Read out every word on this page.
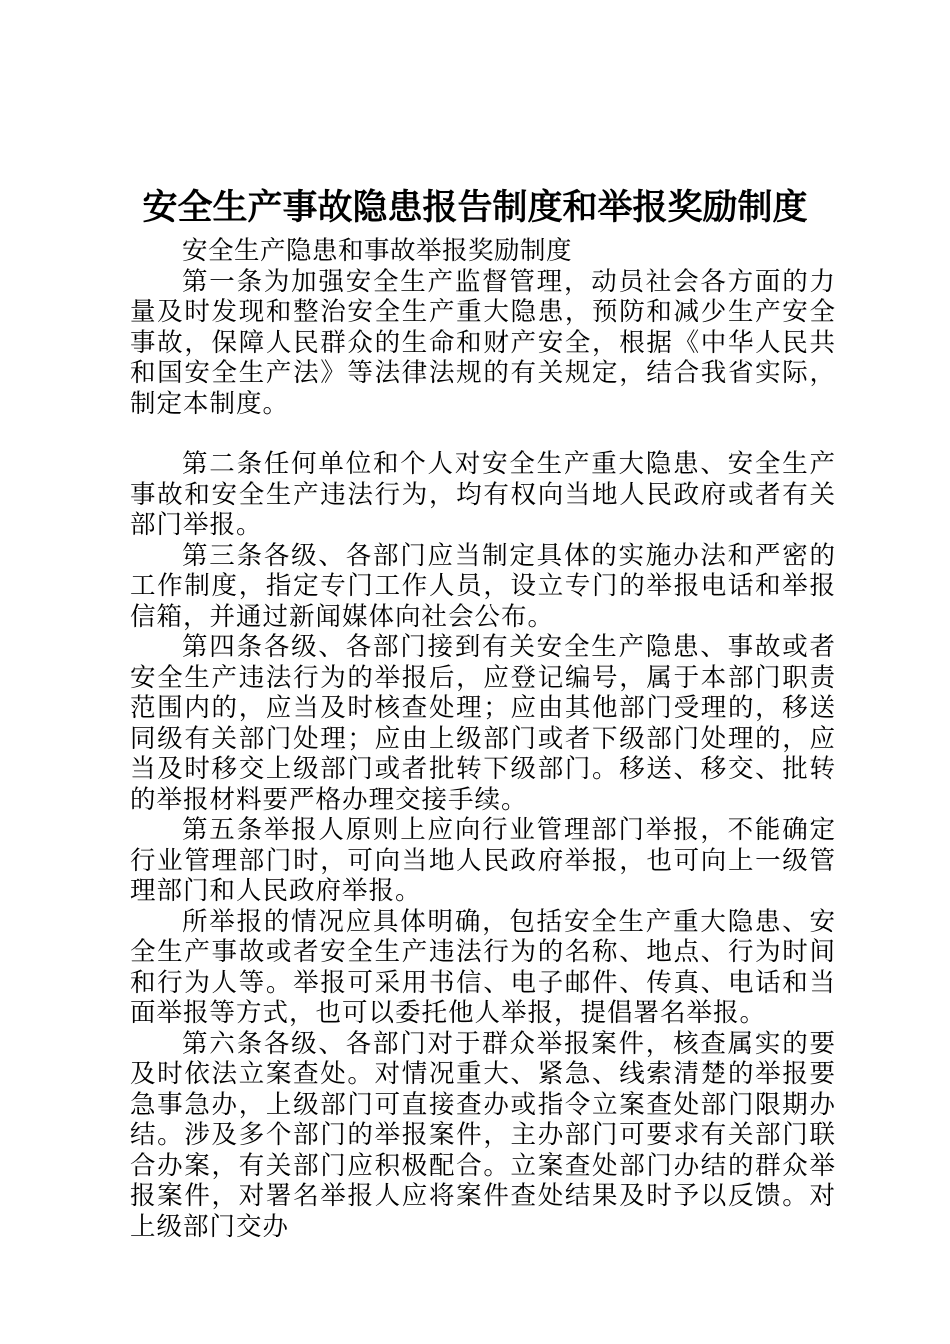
安全生产事故隐患报告制度和举报奖励制度

安全生产隐患和事故举报奖励制度

第一条为加强安全生产监督管理，动员社会各方面的力量及时发现和整治安全生产重大隐患，预防和减少生产安全事故，保障人民群众的生命和财产安全，根据《中华人民共和国安全生产法》等法律法规的有关规定，结合我省实际，制定本制度。

第二条任何单位和个人对安全生产重大隐患、安全生产事故和安全生产违法行为，均有权向当地人民政府或者有关部门举报。

第三条各级、各部门应当制定具体的实施办法和严密的工作制度，指定专门工作人员，设立专门的举报电话和举报信箱，并通过新闻媒体向社会公布。

第四条各级、各部门接到有关安全生产隐患、事故或者安全生产违法行为的举报后，应登记编号，属于本部门职责范围内的，应当及时核查处理；应由其他部门受理的，移送同级有关部门处理；应由上级部门或者下级部门处理的，应当及时移交上级部门或者批转下级部门。移送、移交、批转的举报材料要严格办理交接手续。

第五条举报人原则上应向行业管理部门举报，不能确定行业管理部门时，可向当地人民政府举报，也可向上一级管理部门和人民政府举报。

所举报的情况应具体明确，包括安全生产重大隐患、安全生产事故或者安全生产违法行为的名称、地点、行为时间和行为人等。举报可采用书信、电子邮件、传真、电话和当面举报等方式，也可以委托他人举报，提倡署名举报。

第六条各级、各部门对于群众举报案件，核查属实的要及时依法立案查处。对情况重大、紧急、线索清楚的举报要急事急办，上级部门可直接查办或指令立案查处部门限期办结。涉及多个部门的举报案件，主办部门可要求有关部门联合办案，有关部门应积极配合。立案查处部门办结的群众举报案件，对署名举报人应将案件查处结果及时予以反馈。对上级部门交办
